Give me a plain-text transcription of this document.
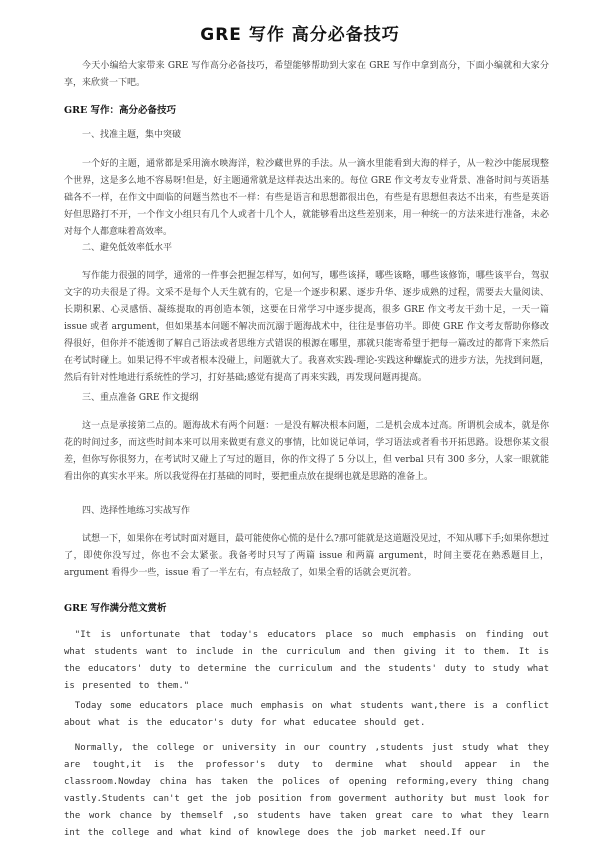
GRE 写作 高分必备技巧

今天小编给大家带来 GRE 写作高分必备技巧，希望能够帮助到大家在 GRE 写作中拿到高分，下面小编就和大家分享，来欣赏一下吧。

GRE 写作：高分必备技巧

一、找准主题，集中突破

一个好的主题，通常都是采用滴水映海洋，粒沙藏世界的手法。从一滴水里能看到大海的样子，从一粒沙中能展现整个世界，这是多么地不容易呀!但是，好主题通常就是这样表达出来的。每位 GRE 作文考友专业背景、准备时间与英语基础各不一样，在作文中面临的问题当然也不一样：有些是语言和思想都很出色，有些是有思想但表达不出来，有些是英语好但思路打不开，一个作文小组只有几个人或者十几个人，就能够看出这些差别来，用一种统一的方法来进行准备，未必对每个人都意味着高效率。

二、避免低效率低水平

写作能力很强的同学，通常的一件事会把握怎样写，如何写，哪些该择，哪些该略，哪些该修饰，哪些该平台，驾驭文字的功夫很是了得。文采不是每个人天生就有的，它是一个逐步积累、逐步升华、逐步成熟的过程，需要去大量阅读、长期积累、心灵感悟、凝练提取的再创造本领，这要在日常学习中逐步提高，很多 GRE 作文考友干劲十足，一天一篇 issue 或者 argument，但如果基本问题不解决而沉溺于题海战术中，往往是事倍功半。即使 GRE 作文考友帮助你修改得很好，但你并不能透彻了解自己语法或者思维方式错误的根源在哪里，那就只能寄希望于把每一篇改过的都背下来然后在考试时碰上。如果记得不牢或者根本没碰上，问题就大了。我喜欢实践-理论-实践这种螺旋式的进步方法，先找到问题，然后有针对性地进行系统性的学习，打好基础;感觉有提高了再来实践，再发现问题再提高。

三、重点准备 GRE 作文提纲

这一点是承接第二点的。题海战术有两个问题：一是没有解决根本问题，二是机会成本过高。所谓机会成本，就是你花的时间过多，而这些时间本来可以用来做更有意义的事情，比如说记单词，学习语法或者看书开拓思路。设想你某文很差，但你写你很努力，在考试时又碰上了写过的题目，你的作文得了 5 分以上，但 verbal 只有 300 多分，人家一眼就能看出你的真实水平来。所以我觉得在打基础的同时，要把重点放在提纲也就是思路的准备上。

四、选择性地练习实战写作

试想一下，如果你在考试时面对题目，最可能使你心慌的是什么?那可能就是这道题没见过，不知从哪下手;如果你想过了，即使你没写过，你也不会太紧张。我备考时只写了两篇 issue 和两篇 argument，时间主要花在熟悉题目上，argument 看得少一些，issue 看了一半左右，有点轻敌了，如果全看的话就会更沉着。

GRE 写作满分范文赏析

"It is unfortunate that today's educators place so much emphasis on finding out what students want to include in the curriculum and then giving it to them. It is the educators' duty to determine the curriculum and the students' duty to study what is presented to them."

Today some educators place much emphasis on what students want,there is a conflict about what is the educator's duty for what educatee should get.

Normally, the college or university in our country ,students just study what they are tought,it is the professor's duty to dermine what should appear in the classroom.Nowday china has taken the polices of opening reforming,every thing chang vastly.Students can't get the job position from goverment authority but must look for the work chance by themself ,so students have taken great care to what they learn int the college and what kind of knowlege does the job market need.If our
